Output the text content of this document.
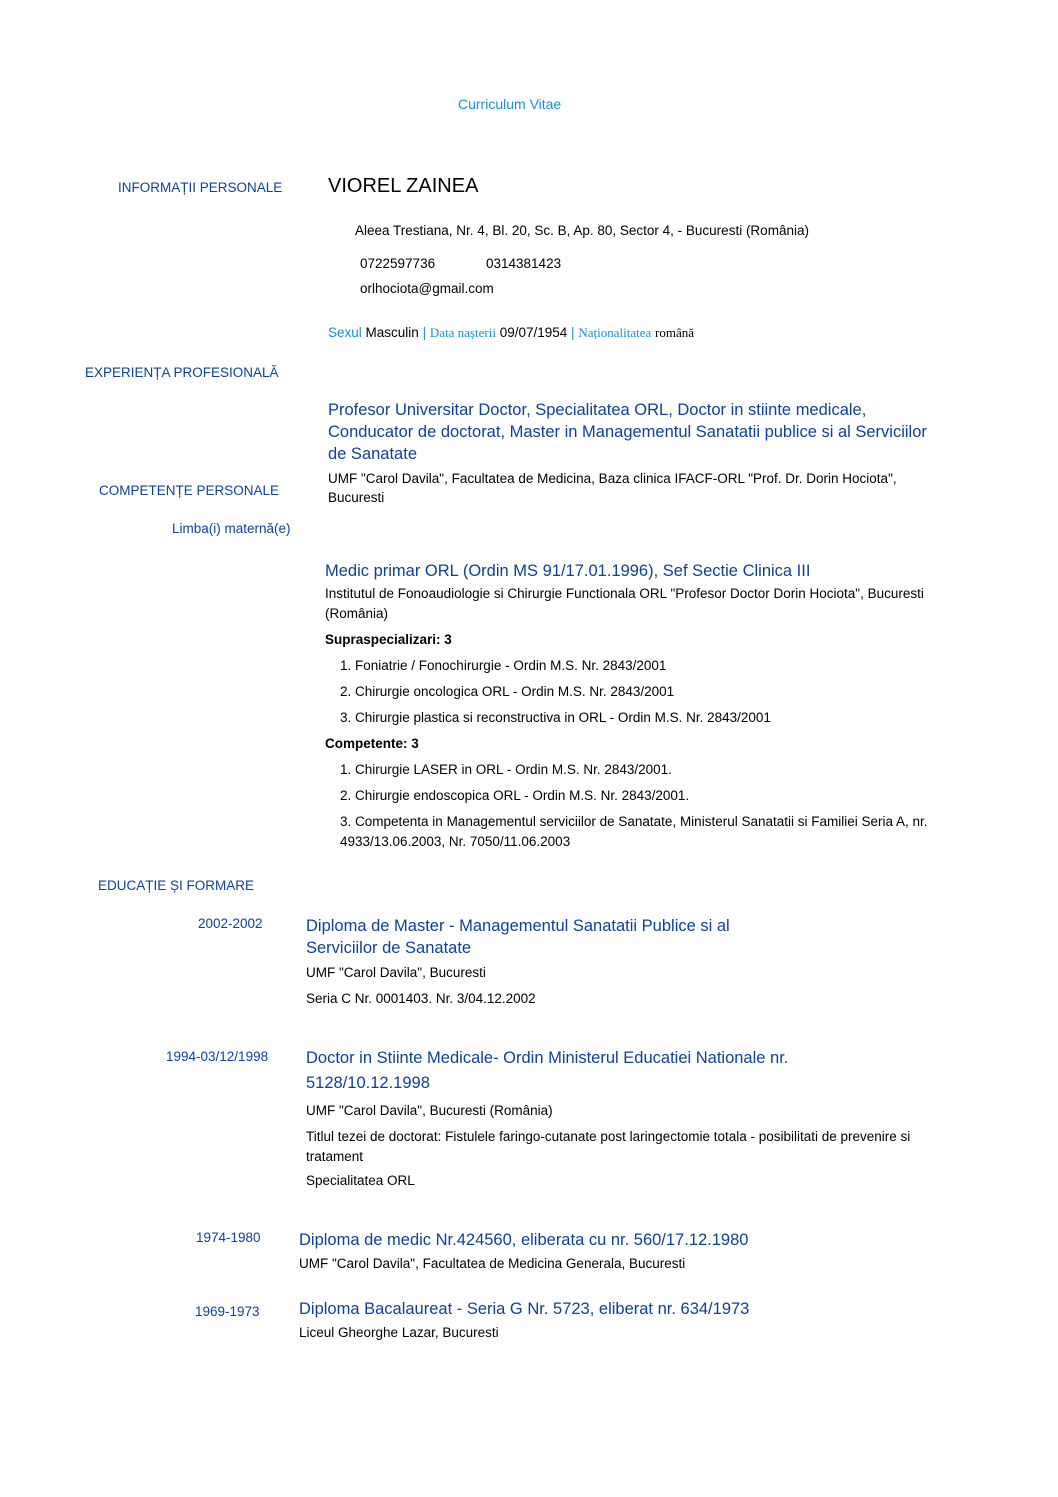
Curriculum Vitae
INFORMAȚII PERSONALE VIOREL ZAINEA
Aleea Trestiana, Nr. 4, Bl. 20, Sc. B, Ap. 80, Sector 4, - Bucuresti (România)
0722597736	0314381423
orlhociota@gmail.com
Sexul Masculin | Data nașterii 09/07/1954 | Naționalitatea română
EXPERIENȚA PROFESIONALĂ
Profesor Universitar Doctor, Specialitatea ORL, Doctor in stiinte medicale,
Conducator de doctorat, Master in Managementul Sanatatii publice si al Serviciilor
de Sanatate
UMF "Carol Davila", Facultatea de Medicina, Baza clinica IFACF-ORL "Prof. Dr. Dorin Hociota",
Bucuresti
COMPETENȚE PERSONALE
Limba(i) maternă(e)
Medic primar ORL (Ordin MS 91/17.01.1996), Sef Sectie Clinica III
Institutul de Fonoaudiologie si Chirurgie Functionala ORL "Profesor Doctor Dorin Hociota", Bucuresti
(România)
Supraspecializari: 3
1. Foniatrie / Fonochirurgie - Ordin M.S. Nr. 2843/2001
2. Chirurgie oncologica ORL - Ordin M.S. Nr. 2843/2001
3. Chirurgie plastica si reconstructiva in ORL - Ordin M.S. Nr. 2843/2001
Competente: 3
1. Chirurgie LASER in ORL - Ordin M.S. Nr. 2843/2001.
2. Chirurgie endoscopica ORL - Ordin M.S. Nr. 2843/2001.
3. Competenta in Managementul serviciilor de Sanatate, Ministerul Sanatatii si Familiei Seria A, nr.
4933/13.06.2003, Nr. 7050/11.06.2003
EDUCAȚIE ȘI FORMARE
2002-2002	Diploma de Master - Managementul Sanatatii Publice si al
Serviciilor de Sanatate
UMF "Carol Davila", Bucuresti
Seria C Nr. 0001403. Nr. 3/04.12.2002
1994-03/12/1998 Doctor in Stiinte Medicale- Ordin Ministerul Educatiei Nationale nr.
5128/10.12.1998
UMF "Carol Davila", Bucuresti (România)
Titlul tezei de doctorat: Fistulele faringo-cutanate post laringectomie totala - posibilitati de prevenire si
tratament
Specialitatea ORL
1974-1980 Diploma de medic Nr.424560, eliberata cu nr. 560/17.12.1980
UMF "Carol Davila", Facultatea de Medicina Generala, Bucuresti
1969-1973 Diploma Bacalaureat - Seria G Nr. 5723, eliberat nr. 634/1973
Liceul Gheorghe Lazar, Bucuresti
